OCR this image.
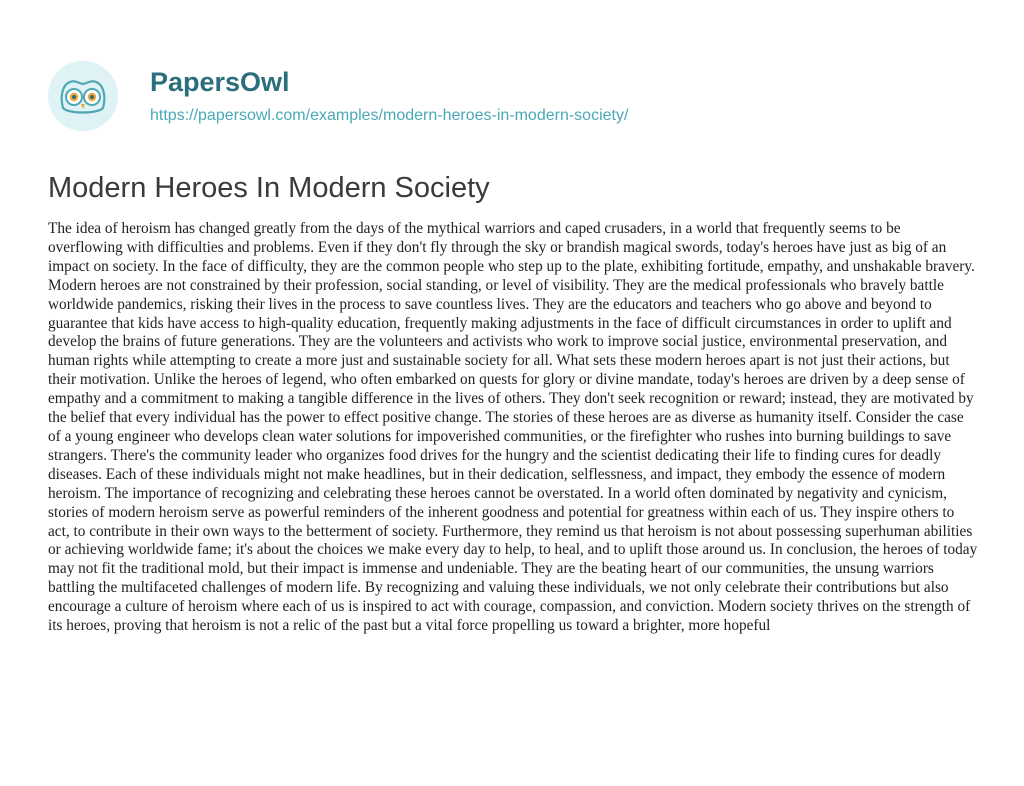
PapersOwl
https://papersowl.com/examples/modern-heroes-in-modern-society/
Modern Heroes In Modern Society

The idea of heroism has changed greatly from the days of the mythical warriors and caped crusaders, in a world that frequently seems to be overflowing with difficulties and problems. Even if they don't fly through the sky or brandish magical swords, today's heroes have just as big of an impact on society. In the face of difficulty, they are the common people who step up to the plate, exhibiting fortitude, empathy, and unshakable bravery. Modern heroes are not constrained by their profession, social standing, or level of visibility. They are the medical professionals who bravely battle worldwide pandemics, risking their lives in the process to save countless lives. They are the educators and teachers who go above and beyond to guarantee that kids have access to high-quality education, frequently making adjustments in the face of difficult circumstances in order to uplift and develop the brains of future generations. They are the volunteers and activists who work to improve social justice, environmental preservation, and human rights while attempting to create a more just and sustainable society for all. What sets these modern heroes apart is not just their actions, but their motivation. Unlike the heroes of legend, who often embarked on quests for glory or divine mandate, today's heroes are driven by a deep sense of empathy and a commitment to making a tangible difference in the lives of others. They don't seek recognition or reward; instead, they are motivated by the belief that every individual has the power to effect positive change. The stories of these heroes are as diverse as humanity itself. Consider the case of a young engineer who develops clean water solutions for impoverished communities, or the firefighter who rushes into burning buildings to save strangers. There's the community leader who organizes food drives for the hungry and the scientist dedicating their life to finding cures for deadly diseases. Each of these individuals might not make headlines, but in their dedication, selflessness, and impact, they embody the essence of modern heroism. The importance of recognizing and celebrating these heroes cannot be overstated. In a world often dominated by negativity and cynicism, stories of modern heroism serve as powerful reminders of the inherent goodness and potential for greatness within each of us. They inspire others to act, to contribute in their own ways to the betterment of society. Furthermore, they remind us that heroism is not about possessing superhuman abilities or achieving worldwide fame; it's about the choices we make every day to help, to heal, and to uplift those around us. In conclusion, the heroes of today may not fit the traditional mold, but their impact is immense and undeniable. They are the beating heart of our communities, the unsung warriors battling the multifaceted challenges of modern life. By recognizing and valuing these individuals, we not only celebrate their contributions but also encourage a culture of heroism where each of us is inspired to act with courage, compassion, and conviction. Modern society thrives on the strength of its heroes, proving that heroism is not a relic of the past but a vital force propelling us toward a brighter, more hopeful
